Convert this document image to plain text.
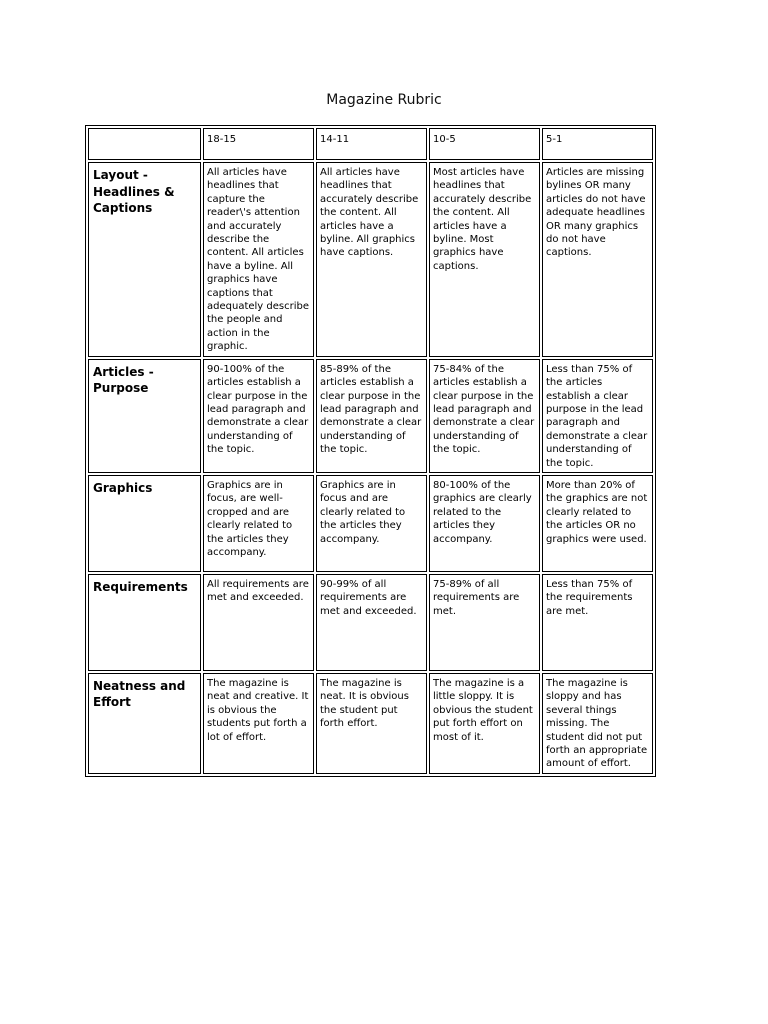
Magazine Rubric
	18-15	14-11	10-5	5-1
Layout - Headlines & Captions	All articles have headlines that capture the reader\'s attention and accurately describe the content. All articles have a byline. All graphics have captions that adequately describe the people and action in the graphic.	All articles have headlines that accurately describe the content. All articles have a byline. All graphics have captions.	Most articles have headlines that accurately describe the content. All articles have a byline. Most graphics have captions.	Articles are missing bylines OR many articles do not have adequate headlines OR many graphics do not have captions.
Articles - Purpose	90-100% of the articles establish a clear purpose in the lead paragraph and demonstrate a clear understanding of the topic.	85-89% of the articles establish a clear purpose in the lead paragraph and demonstrate a clear understanding of the topic.	75-84% of the articles establish a clear purpose in the lead paragraph and demonstrate a clear understanding of the topic.	Less than 75% of the articles establish a clear purpose in the lead paragraph and demonstrate a clear understanding of the topic.
Graphics	Graphics are in focus, are well-cropped and are clearly related to the articles they accompany.	Graphics are in focus and are clearly related to the articles they accompany.	80-100% of the graphics are clearly related to the articles they accompany.	More than 20% of the graphics are not clearly related to the articles OR no graphics were used.
Requirements	All requirements are met and exceeded.	90-99% of all requirements are met and exceeded.	75-89% of all requirements are met.	Less than 75% of the requirements are met.
Neatness and Effort	The magazine is neat and creative. It is obvious the students put forth a lot of effort.	The magazine is neat. It is obvious the student put forth effort.	The magazine is a little sloppy. It is obvious the student put forth effort on most of it.	The magazine is sloppy and has several things missing. The student did not put forth an appropriate amount of effort.
